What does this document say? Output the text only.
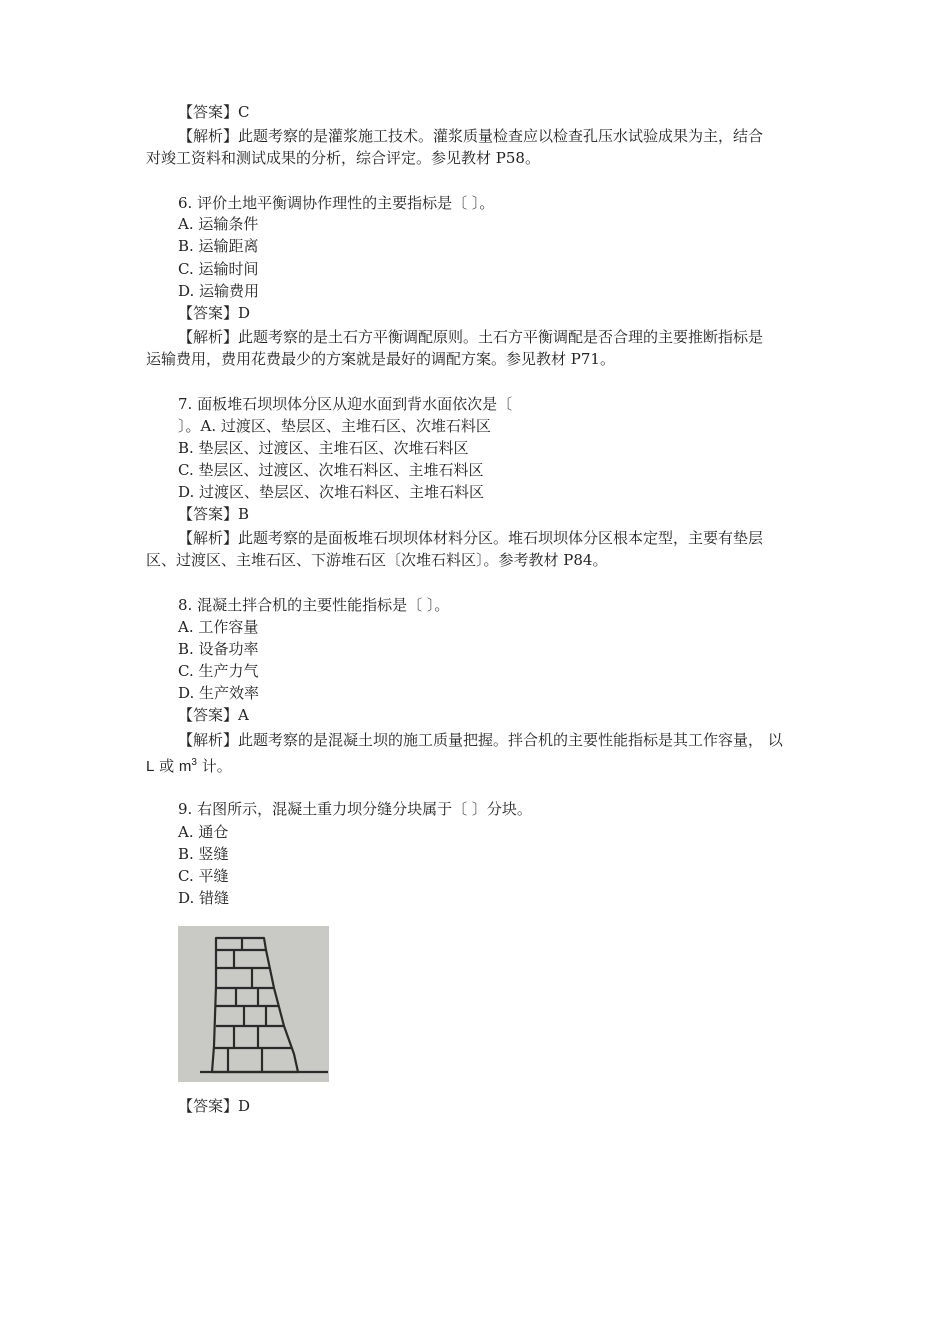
【答案】C
【解析】此题考察的是灌浆施工技术。灌浆质量检查应以检查孔压水试验成果为主，结合
对竣工资料和测试成果的分析，综合评定。参见教材 P58。
6. 评价土地平衡调协作理性的主要指标是〔 〕。
A. 运输条件
B. 运输距离
C. 运输时间
D. 运输费用
【答案】D
【解析】此题考察的是土石方平衡调配原则。土石方平衡调配是否合理的主要推断指标是
运输费用，费用花费最少的方案就是最好的调配方案。参见教材 P71。
7. 面板堆石坝坝体分区从迎水面到背水面依次是〔
〕。A. 过渡区、垫层区、主堆石区、次堆石料区
B. 垫层区、过渡区、主堆石区、次堆石料区
C. 垫层区、过渡区、次堆石料区、主堆石料区
D. 过渡区、垫层区、次堆石料区、主堆石料区
【答案】B
【解析】此题考察的是面板堆石坝坝体材料分区。堆石坝坝体分区根本定型，主要有垫层
区、过渡区、主堆石区、下游堆石区〔次堆石料区〕。参考教材 P84。
8. 混凝土拌合机的主要性能指标是〔 〕。
A. 工作容量
B. 设备功率
C. 生产力气
D. 生产效率
【答案】A
【解析】此题考察的是混凝土坝的施工质量把握。拌合机的主要性能指标是其工作容量， 以
L 或 $m^3$ 计。
9. 右图所示，混凝土重力坝分缝分块属于〔 〕分块。
A. 通仓
B. 竖缝
C. 平缝
D. 错缝
【答案】D
